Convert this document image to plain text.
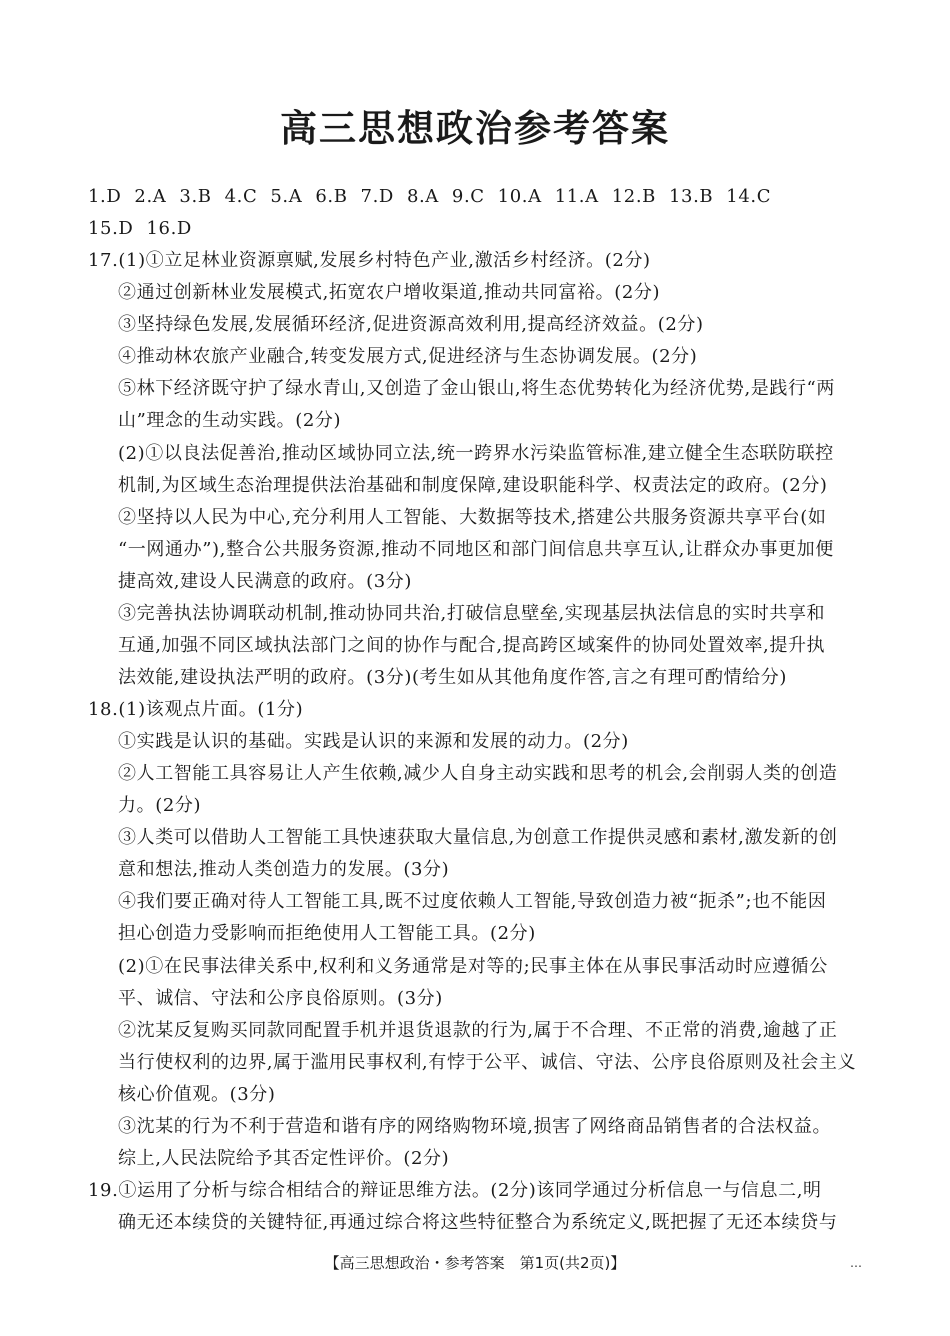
高三思想政治参考答案
1.D 2.A 3.B 4.C 5.A 6.B 7.D 8.A 9.C 10.A 11.A 12.B 13.B 14.C
15.D 16.D
17.(1)①立足林业资源禀赋,发展乡村特色产业,激活乡村经济。(2分)
②通过创新林业发展模式,拓宽农户增收渠道,推动共同富裕。(2分)
③坚持绿色发展,发展循环经济,促进资源高效利用,提高经济效益。(2分)
④推动林农旅产业融合,转变发展方式,促进经济与生态协调发展。(2分)
⑤林下经济既守护了绿水青山,又创造了金山银山,将生态优势转化为经济优势,是践行“两
山”理念的生动实践。(2分)
(2)①以良法促善治,推动区域协同立法,统一跨界水污染监管标准,建立健全生态联防联控
机制,为区域生态治理提供法治基础和制度保障,建设职能科学、权责法定的政府。(2分)
②坚持以人民为中心,充分利用人工智能、大数据等技术,搭建公共服务资源共享平台(如
“一网通办”),整合公共服务资源,推动不同地区和部门间信息共享互认,让群众办事更加便
捷高效,建设人民满意的政府。(3分)
③完善执法协调联动机制,推动协同共治,打破信息壁垒,实现基层执法信息的实时共享和
互通,加强不同区域执法部门之间的协作与配合,提高跨区域案件的协同处置效率,提升执
法效能,建设执法严明的政府。(3分)(考生如从其他角度作答,言之有理可酌情给分)
18.(1)该观点片面。(1分)
①实践是认识的基础。实践是认识的来源和发展的动力。(2分)
②人工智能工具容易让人产生依赖,减少人自身主动实践和思考的机会,会削弱人类的创造
力。(2分)
③人类可以借助人工智能工具快速获取大量信息,为创意工作提供灵感和素材,激发新的创
意和想法,推动人类创造力的发展。(3分)
④我们要正确对待人工智能工具,既不过度依赖人工智能,导致创造力被“扼杀”;也不能因
担心创造力受影响而拒绝使用人工智能工具。(2分)
(2)①在民事法律关系中,权利和义务通常是对等的;民事主体在从事民事活动时应遵循公
平、诚信、守法和公序良俗原则。(3分)
②沈某反复购买同款同配置手机并退货退款的行为,属于不合理、不正常的消费,逾越了正
当行使权利的边界,属于滥用民事权利,有悖于公平、诚信、守法、公序良俗原则及社会主义
核心价值观。(3分)
③沈某的行为不利于营造和谐有序的网络购物环境,损害了网络商品销售者的合法权益。
综上,人民法院给予其否定性评价。(2分)
19.①运用了分析与综合相结合的辩证思维方法。(2分)该同学通过分析信息一与信息二,明
确无还本续贷的关键特征,再通过综合将这些特征整合为系统定义,既把握了无还本续贷与
【高三思想政治・参考答案　第1页(共2页)】	…
